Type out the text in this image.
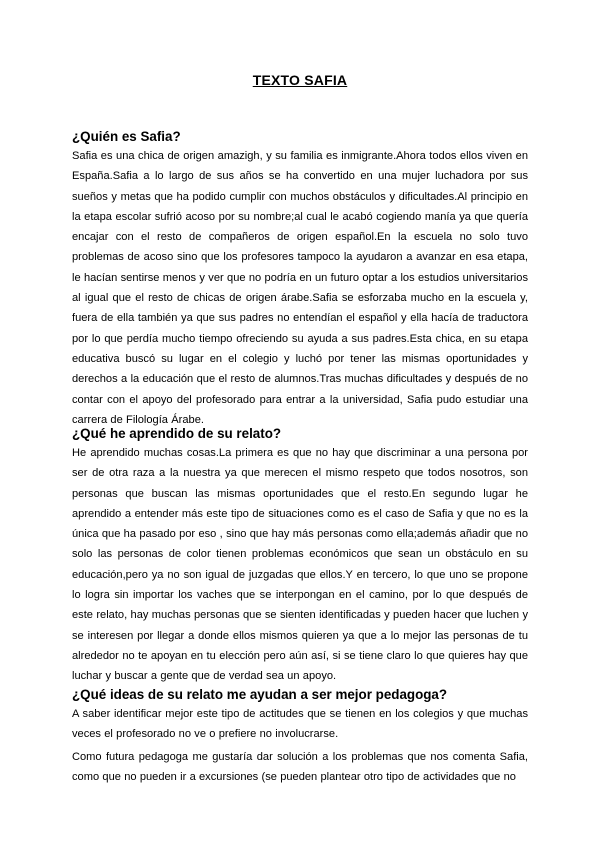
TEXTO SAFIA

¿Quién es Safia?

Safia es una chica de origen amazigh, y su familia es inmigrante.Ahora todos ellos viven en España.Safia a lo largo de sus años se ha convertido en una mujer luchadora por sus sueños y metas que ha podido cumplir con muchos obstáculos y dificultades.Al principio en la etapa escolar sufrió acoso por su nombre;al cual le acabó cogiendo manía ya que quería encajar con el resto de compañeros de origen español.En la escuela no solo tuvo problemas de acoso sino que los profesores tampoco la ayudaron a avanzar en esa etapa, le hacían sentirse menos y ver que no podría en un futuro optar a los estudios universitarios al igual que el resto de chicas de origen árabe.Safia se esforzaba mucho en la escuela y, fuera de ella también ya que sus padres no entendían el español y ella hacía de traductora por lo que perdía mucho tiempo ofreciendo su ayuda a sus padres.Esta chica, en su etapa educativa buscó su lugar en el colegio y luchó por tener las mismas oportunidades y derechos a la educación que el resto de alumnos.Tras muchas dificultades y después de no contar con el apoyo del profesorado para entrar a la universidad, Safia pudo estudiar una carrera de Filología Árabe.

¿Qué he aprendido de su relato?

He aprendido muchas cosas.La primera es que no hay que discriminar a una persona por ser de otra raza a la nuestra ya que merecen el mismo respeto que todos nosotros, son personas que buscan las mismas oportunidades que el resto.En segundo lugar he aprendido a entender más este tipo de situaciones como es el caso de Safia y que no es la única que ha pasado por eso , sino que hay más personas como ella;además añadir que no solo las personas de color tienen problemas económicos que sean un obstáculo en su educación,pero ya no son igual de juzgadas que ellos.Y en tercero, lo que uno se propone lo logra sin importar los vaches que se interpongan en el camino, por lo que después de este relato, hay muchas personas que se sienten identificadas y pueden hacer que luchen y se interesen por llegar a donde ellos mismos quieren ya que a lo mejor las personas de tu alrededor no te apoyan en tu elección pero aún así, si se tiene claro lo que quieres hay que luchar y buscar a gente que de verdad sea un apoyo.

¿Qué ideas de su relato me ayudan a ser mejor pedagoga?

A saber identificar mejor este tipo de actitudes que se tienen en los colegios y que muchas veces el profesorado no ve o prefiere no involucrarse.

Como futura pedagoga me gustaría dar solución a los problemas que nos comenta Safia, como que no pueden ir a excursiones (se pueden plantear otro tipo de actividades que no
